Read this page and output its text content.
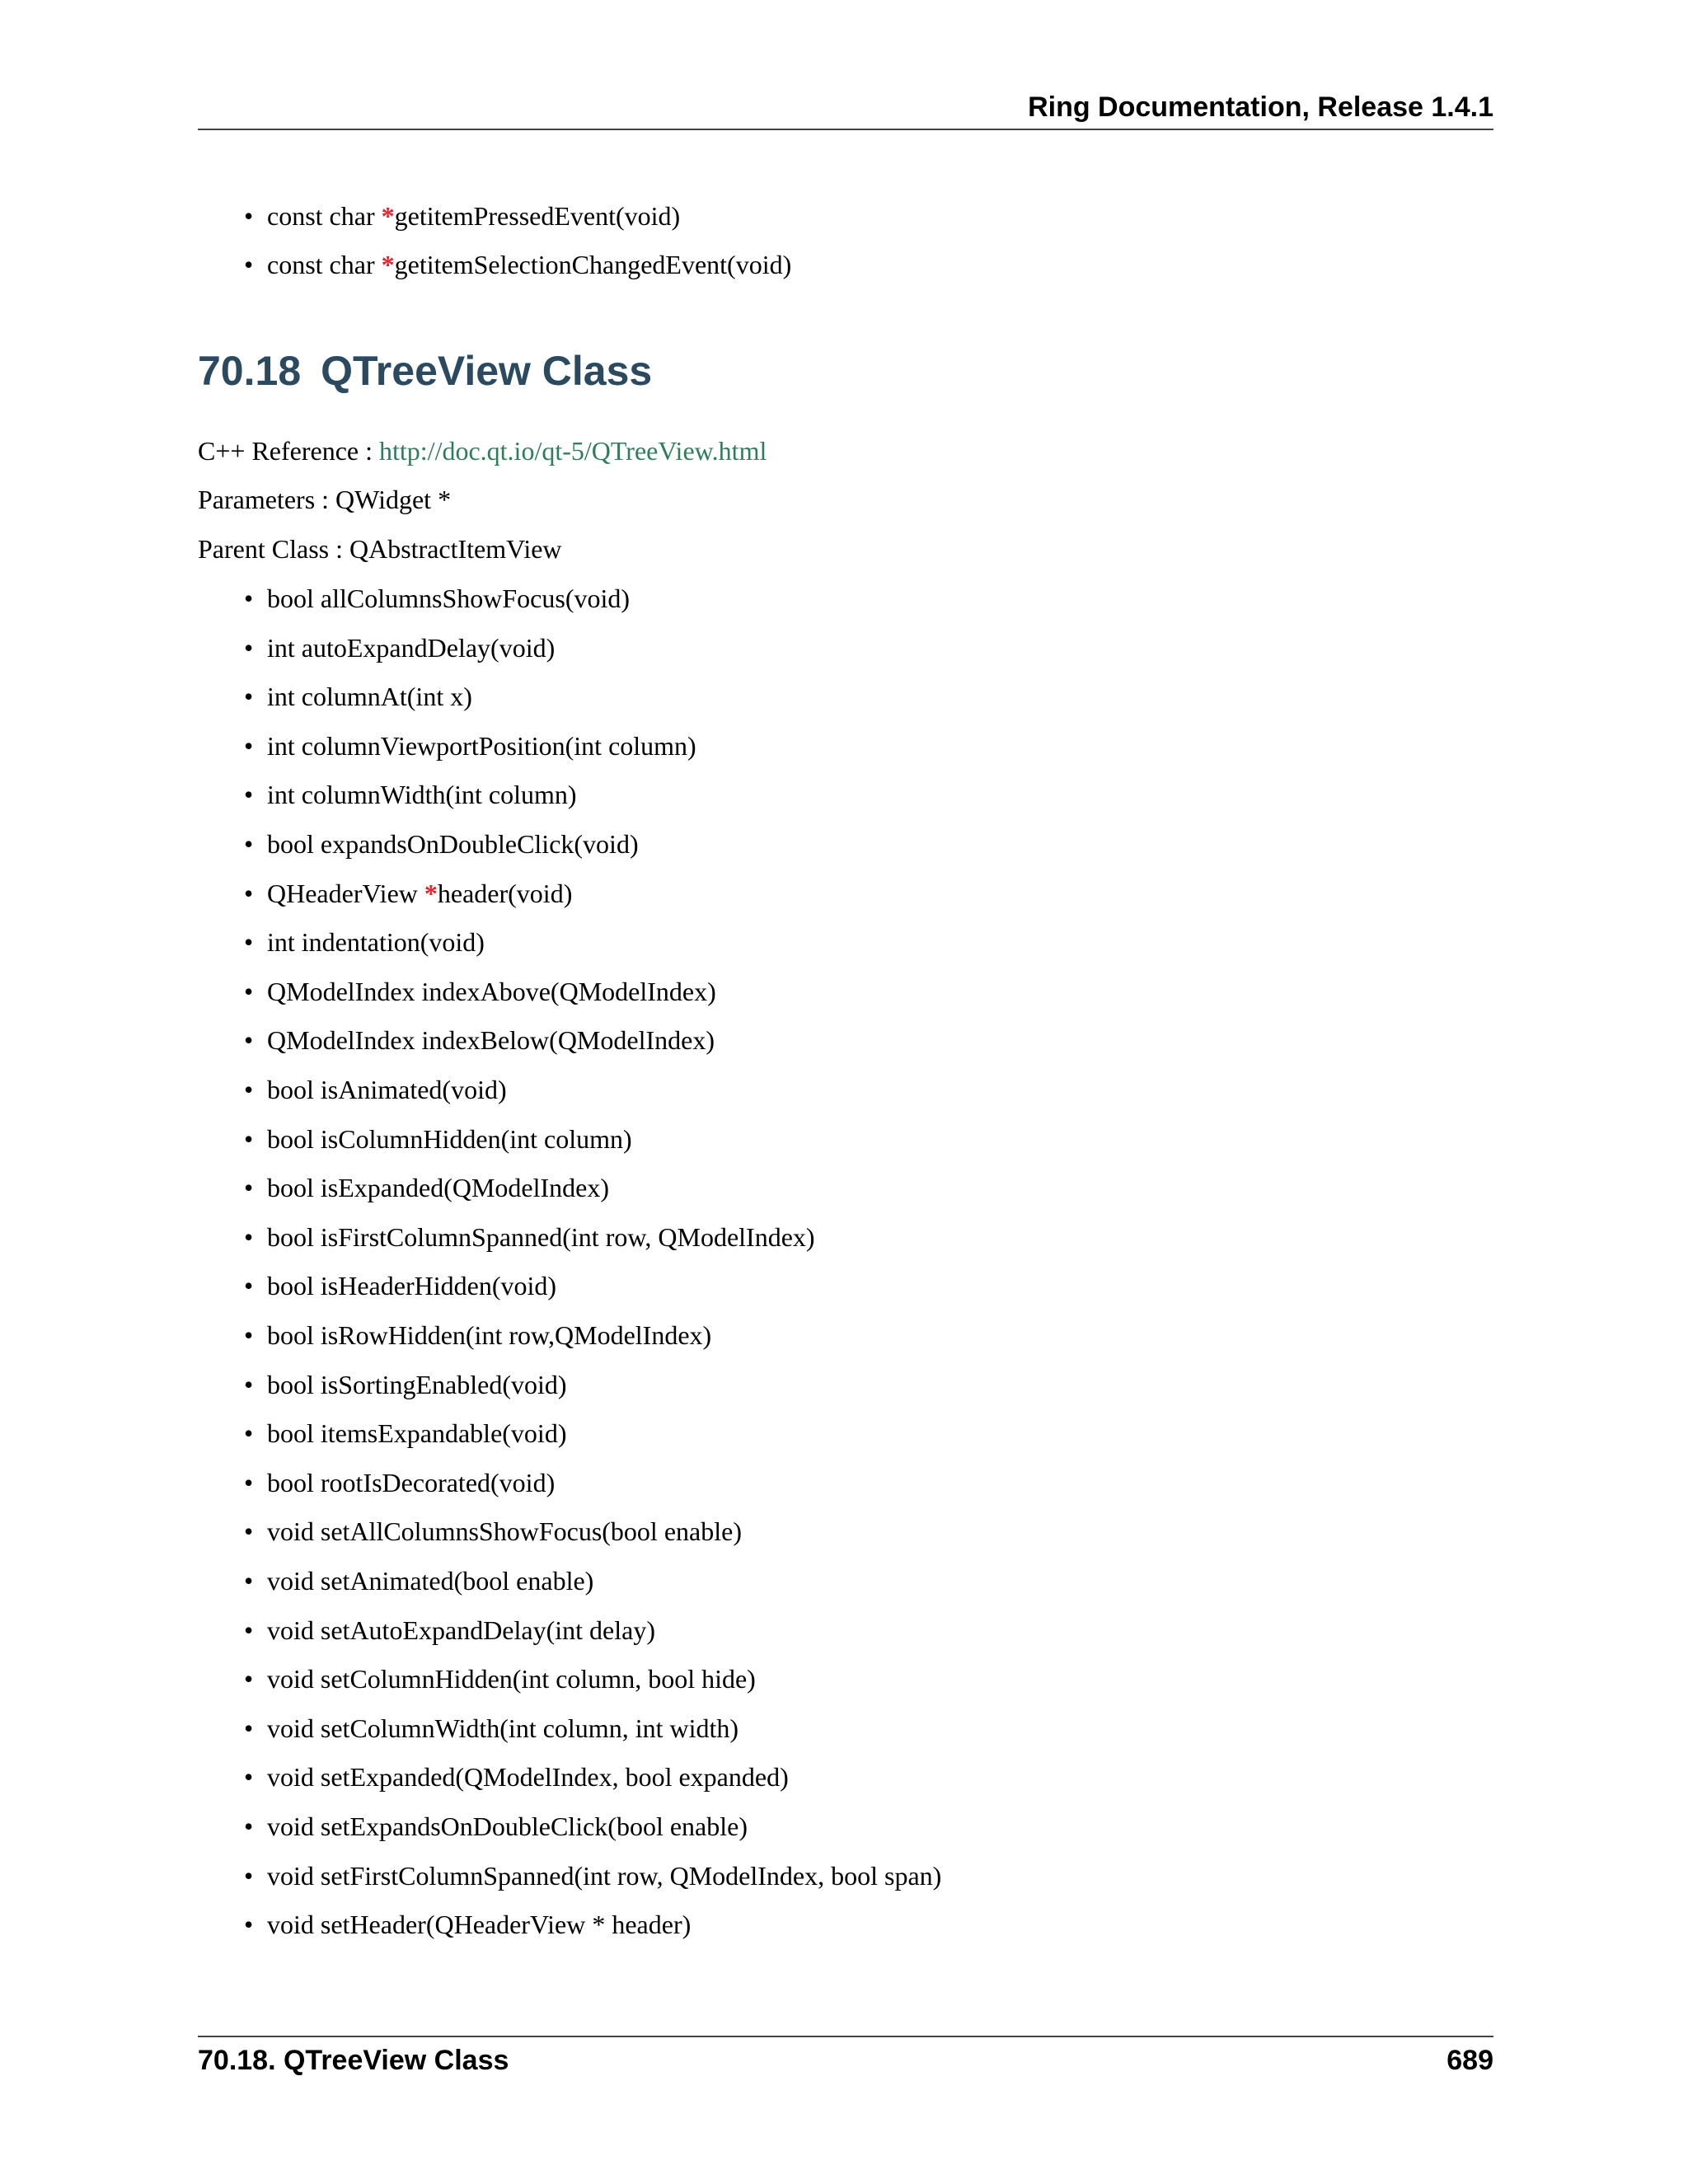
Ring Documentation, Release 1.4.1
• const char *getitemPressedEvent(void)
• const char *getitemSelectionChangedEvent(void)
70.18 QTreeView Class
C++ Reference : http://doc.qt.io/qt-5/QTreeView.html
Parameters : QWidget *
Parent Class : QAbstractItemView
• bool allColumnsShowFocus(void)
• int autoExpandDelay(void)
• int columnAt(int x)
• int columnViewportPosition(int column)
• int columnWidth(int column)
• bool expandsOnDoubleClick(void)
• QHeaderView *header(void)
• int indentation(void)
• QModelIndex indexAbove(QModelIndex)
• QModelIndex indexBelow(QModelIndex)
• bool isAnimated(void)
• bool isColumnHidden(int column)
• bool isExpanded(QModelIndex)
• bool isFirstColumnSpanned(int row, QModelIndex)
• bool isHeaderHidden(void)
• bool isRowHidden(int row,QModelIndex)
• bool isSortingEnabled(void)
• bool itemsExpandable(void)
• bool rootIsDecorated(void)
• void setAllColumnsShowFocus(bool enable)
• void setAnimated(bool enable)
• void setAutoExpandDelay(int delay)
• void setColumnHidden(int column, bool hide)
• void setColumnWidth(int column, int width)
• void setExpanded(QModelIndex, bool expanded)
• void setExpandsOnDoubleClick(bool enable)
• void setFirstColumnSpanned(int row, QModelIndex, bool span)
• void setHeader(QHeaderView * header)
70.18. QTreeView Class	689
